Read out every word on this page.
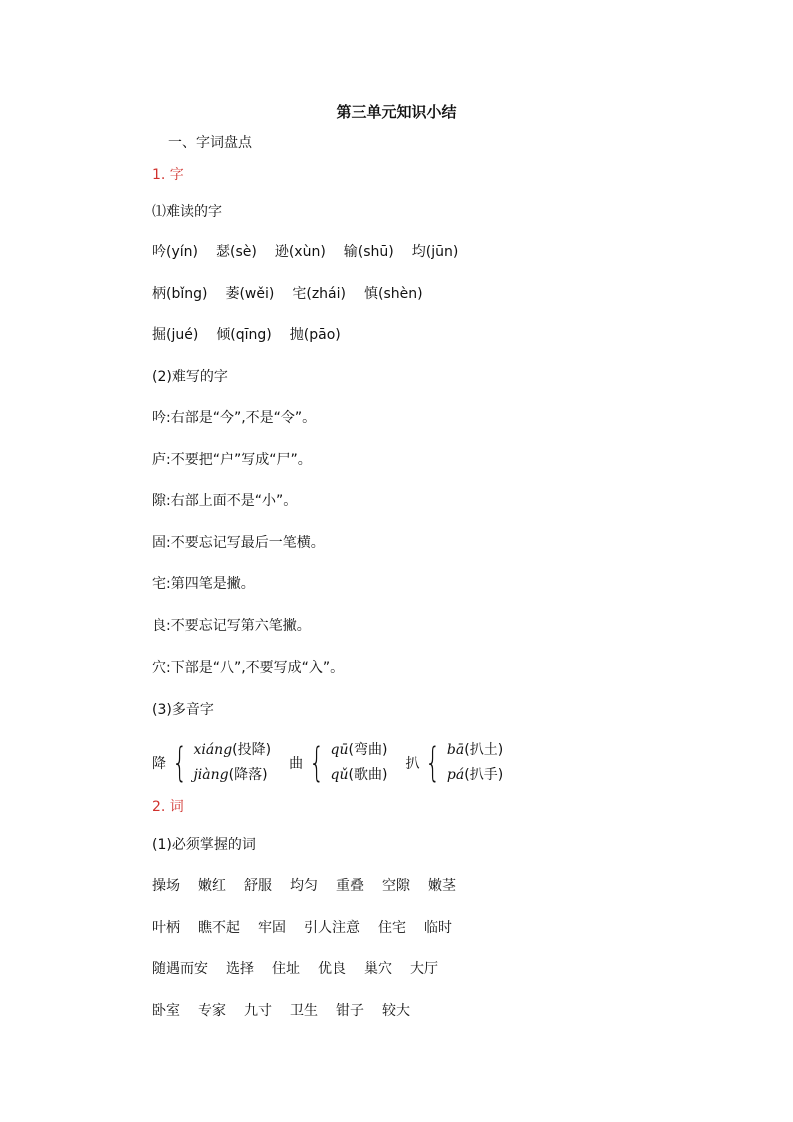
第三单元知识小结
一、字词盘点
1. 字
⑴难读的字
吟(yín) 瑟(sè) 逊(xùn) 输(shū) 均(jūn)
柄(bǐng) 萎(wěi) 宅(zhái) 慎(shèn)
掘(jué) 倾(qīng) 抛(pāo)
(2)难写的字
吟:右部是“今”,不是“令”。
庐:不要把“户”写成“尸”。
隙:右部上面不是“小”。
固:不要忘记写最后一笔横。
宅:第四笔是撇。
良:不要忘记写第六笔撇。
穴:下部是“八”,不要写成“入”。
(3)多音字
降 { xiáng(投降)
jiàng(降落)
曲 { qū(弯曲)
qǔ(歌曲)
扒 { bā(扒土)
pá(扒手)
2. 词
(1)必须掌握的词
操场 嫩红 舒服 均匀 重叠 空隙 嫩茎
叶柄 瞧不起 牢固 引人注意 住宅 临时
随遇而安 选择 住址 优良 巢穴 大厅
卧室 专家 九寸 卫生 钳子 较大
